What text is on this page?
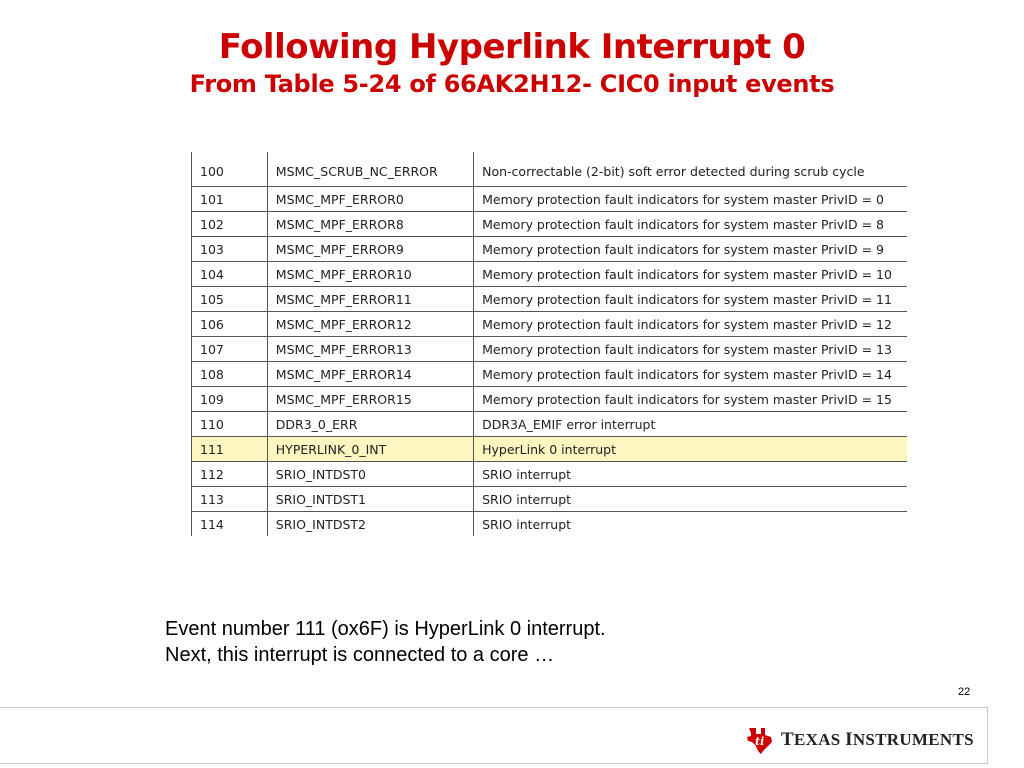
Following Hyperlink Interrupt 0
From Table 5-24 of 66AK2H12- CIC0 input events
100	MSMC_SCRUB_NC_ERROR	Non-correctable (2-bit) soft error detected during scrub cycle
101	MSMC_MPF_ERROR0	Memory protection fault indicators for system master PrivID = 0
102	MSMC_MPF_ERROR8	Memory protection fault indicators for system master PrivID = 8
103	MSMC_MPF_ERROR9	Memory protection fault indicators for system master PrivID = 9
104	MSMC_MPF_ERROR10	Memory protection fault indicators for system master PrivID = 10
105	MSMC_MPF_ERROR11	Memory protection fault indicators for system master PrivID = 11
106	MSMC_MPF_ERROR12	Memory protection fault indicators for system master PrivID = 12
107	MSMC_MPF_ERROR13	Memory protection fault indicators for system master PrivID = 13
108	MSMC_MPF_ERROR14	Memory protection fault indicators for system master PrivID = 14
109	MSMC_MPF_ERROR15	Memory protection fault indicators for system master PrivID = 15
110	DDR3_0_ERR	DDR3A_EMIF error interrupt
111	HYPERLINK_0_INT	HyperLink 0 interrupt
112	SRIO_INTDST0	SRIO interrupt
113	SRIO_INTDST1	SRIO interrupt
114	SRIO_INTDST2	SRIO interrupt
Event number 111 (ox6F) is HyperLink 0 interrupt.
Next, this interrupt is connected to a core …
22
ti TEXAS INSTRUMENTS
